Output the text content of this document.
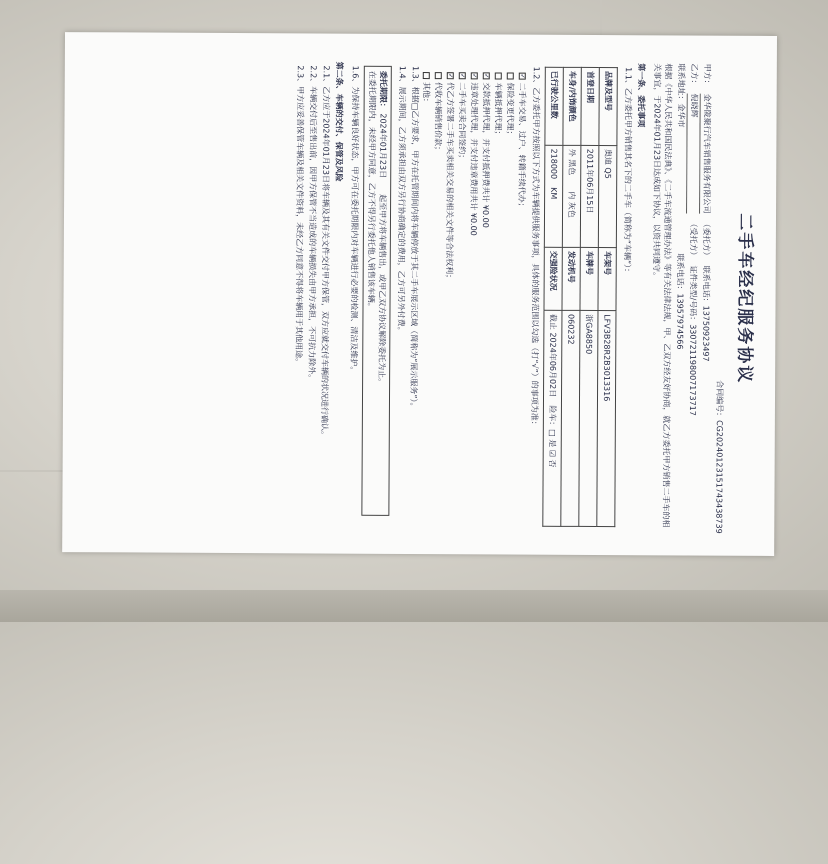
二手车经纪服务协议
合同编号：CG20240123151743438739
甲方：
金华陇聚行汽车销售服务有限公司
（委托方）
联系电话：13750923497
乙方：
倪晓辉
（受托方）
证件类型/号码：330721198007173717
联系地址：金华市
联系电话：13957974566
根据《中华人民共和国民法典》、《二手车流通管理办法》等有关法律法规，甲、乙双方经友好协商，就乙方委托甲方销售二手车的相关事宜，于2024年01月23日达成如下协议，以资共同遵守。
第一条、委托事项
1.1、乙方委托甲方销售其名下的二手车（简称为“车辆”）：
品牌及型号	奥迪 Q5	车架号	LFV3B28R2B3013316
首登日期	2011年06月15日	车牌号	浙GA8850
车身/内饰颜色	外 黑色　　内 灰色	发动机号	060232
已行驶公里数	218000　KM	交强险状况	截止 2024年06月02日　险车：□ 是 ☑ 否
1.2、乙方委托甲方按照以下方式为车辆提供服务事项，具体的服务范围以勾选（打“√”）的事项为准：
✓
二手车交易、过户、转籍手续代办；
保险变更代理；
车辆抵押代理；
✓
交款抵押代理，并支付抵押费共计 ¥0.00
✓
违章处理代理，并支付违章费用共计 ¥0.00
✓
二手车买卖合同签约；
✓
代乙方签署二手车买卖相关交易的相关文件等合法权利；
代收车辆销售价款；
其他：
1.3、根据□乙方要求，甲方在托管期间内将车辆停放于其二手车展示区域（简称为“展示服务”）。
1.4、展示期间，乙方须承担由双方另行协商确定的费用，乙方可另外付费。
委托期限： 2024年01月23日　　起至甲方将车辆售出，或甲乙双方协议解除委托为止。
在委托期限内，未经甲方同意，乙方不得另行委托他人销售该车辆。
1.6、为保持车辆良好状态，甲方可在委托期限内对车辆进行必要的检测、清洁及维护。
第二条、车辆的交付、保管及风险
2.1、乙方应于2024年01月23日将车辆及其有关文件交付甲方保管，双方应就交付车辆的状况进行确认。
2.2、车辆交付后至售出前，因甲方保管不当造成的车辆损失由甲方承担，不可抗力除外。
2.3、甲方应妥善保管车辆及相关文件资料，未经乙方同意不得将车辆用于其他用途。
